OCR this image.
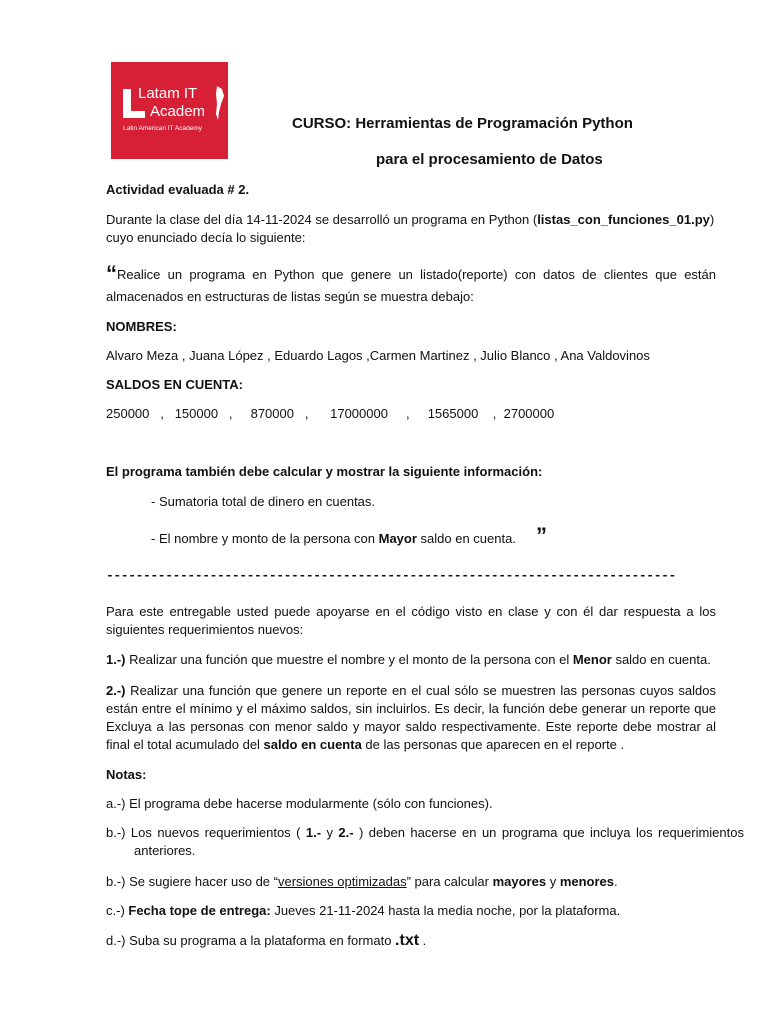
Latam IT
Academ
Latin American IT Academy	CURSO: Herramientas de Programación Python
para el procesamiento de Datos
Actividad evaluada # 2.
Durante la clase del día 14-11-2024 se desarrolló un programa en Python (listas_con_funciones_01.py)
cuyo enunciado decía lo siguiente:
“Realice un programa en Python que genere un listado(reporte) con datos de clientes que están almacenados en estructuras de listas según se muestra debajo:
NOMBRES:
Alvaro Meza , Juana López , Eduardo Lagos ,Carmen Martinez , Julio Blanco , Ana Valdovinos
SALDOS EN CUENTA:
250000   ,   150000   ,     870000   ,      17000000     ,     1565000    ,  2700000
El programa también debe calcular y mostrar la siguiente información:
- Sumatoria total de dinero en cuentas.
- El nombre y monto de la persona con Mayor saldo en cuenta. ”
-----------------------------------------------------------------------------
Para este entregable usted puede apoyarse en el código visto en clase y con él dar respuesta a los siguientes requerimientos nuevos:
1.-) Realizar una función que muestre el nombre y el monto de la persona con el Menor saldo en cuenta.
2.-) Realizar una función que genere un reporte en el cual sólo se muestren las personas cuyos saldos están entre el mínimo y el máximo saldos, sin incluirlos. Es decir, la función debe generar un reporte que Excluya a las personas con menor saldo y mayor saldo respectivamente. Este reporte debe mostrar al final el total acumulado del saldo en cuenta de las personas que aparecen en el reporte .
Notas:
a.-) El programa debe hacerse modularmente (sólo con funciones).
b.-) Los nuevos requerimientos ( 1.- y 2.- ) deben hacerse en un programa que incluya los requerimientos anteriores.
b.-) Se sugiere hacer uso de “versiones optimizadas” para calcular mayores y menores.
c.-) Fecha tope de entrega: Jueves 21-11-2024 hasta la media noche, por la plataforma.
d.-) Suba su programa a la plataforma en formato .txt .
